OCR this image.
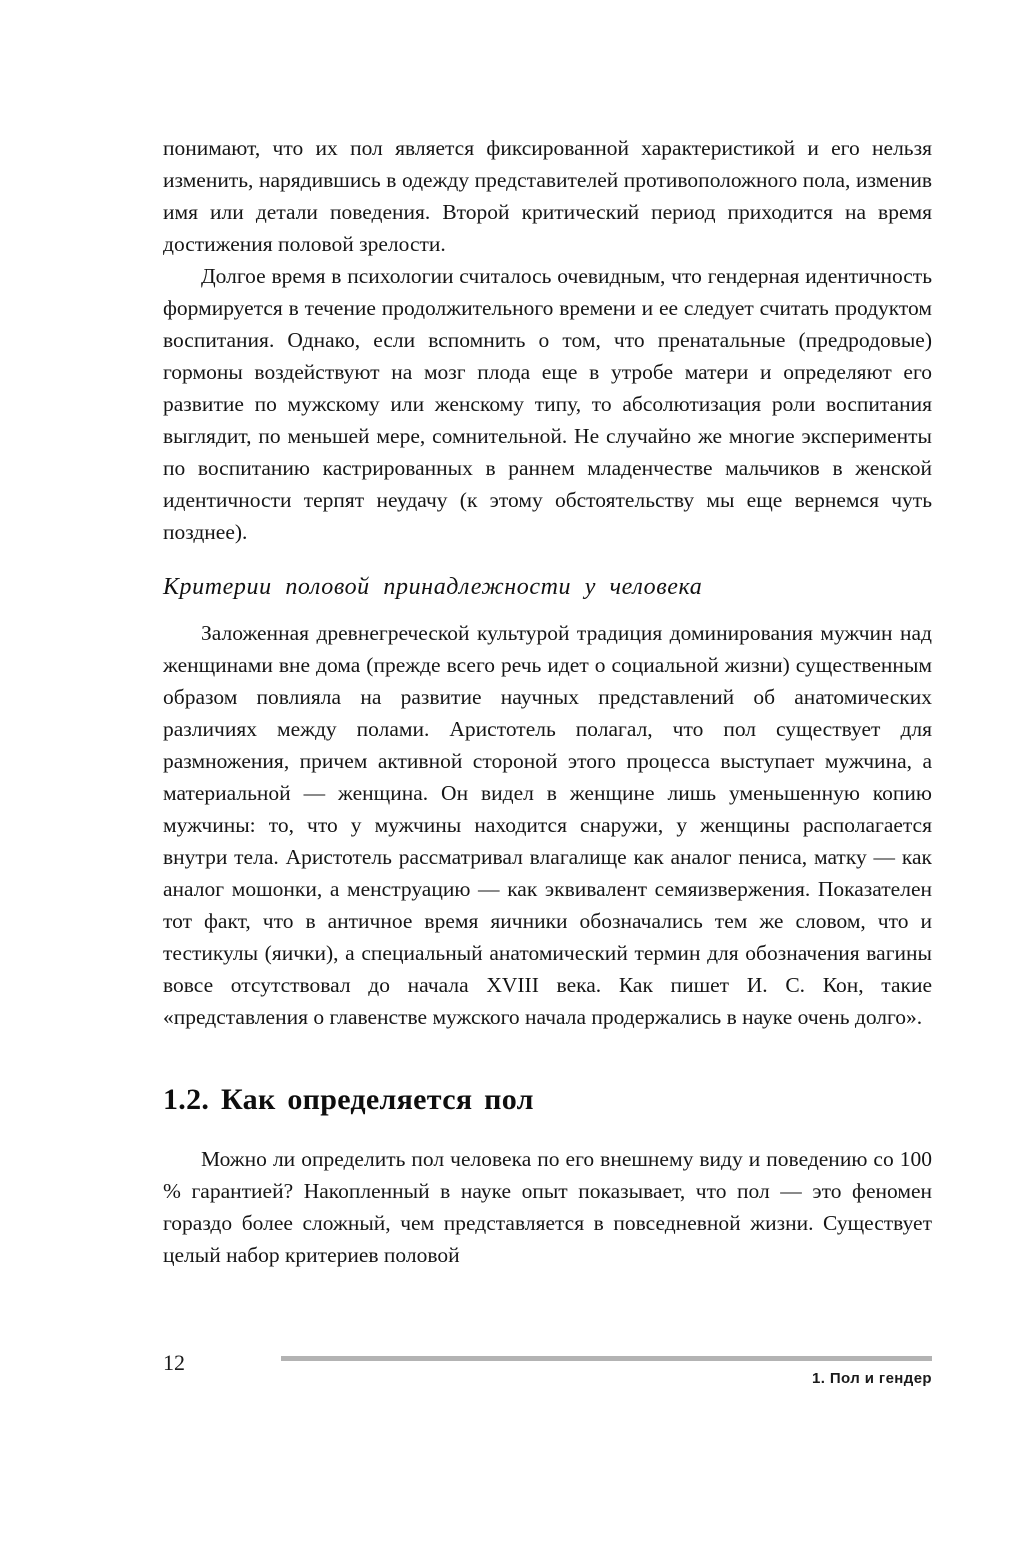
понимают, что их пол является фиксированной характеристикой и его нельзя изменить, нарядившись в одежду представителей противоположного пола, изменив имя или детали поведения. Второй критический период приходится на время достижения половой зрелости.

Долгое время в психологии считалось очевидным, что гендерная идентичность формируется в течение продолжительного времени и ее следует считать продуктом воспитания. Однако, если вспомнить о том, что пренатальные (предродовые) гормоны воздействуют на мозг плода еще в утробе матери и определяют его развитие по мужскому или женскому типу, то абсолютизация роли воспитания выглядит, по меньшей мере, сомнительной. Не случайно же многие эксперименты по воспитанию кастрированных в раннем младенчестве мальчиков в женской идентичности терпят неудачу (к этому обстоятельству мы еще вернемся чуть позднее).

Критерии половой принадлежности у человека

Заложенная древнегреческой культурой традиция доминирования мужчин над женщинами вне дома (прежде всего речь идет о социальной жизни) существенным образом повлияла на развитие научных представлений об анатомических различиях между полами. Аристотель полагал, что пол существует для размножения, причем активной стороной этого процесса выступает мужчина, а материальной — женщина. Он видел в женщине лишь уменьшенную копию мужчины: то, что у мужчины находится снаружи, у женщины располагается внутри тела. Аристотель рассматривал влагалище как аналог пениса, матку — как аналог мошонки, а менструацию — как эквивалент семяизвержения. Показателен тот факт, что в античное время яичники обозначались тем же словом, что и тестикулы (яички), а специальный анатомический термин для обозначения вагины вовсе отсутствовал до начала XVIII века. Как пишет И. С. Кон, такие «представления о главенстве мужского начала продержались в науке очень долго».

1.2. Как определяется пол

Можно ли определить пол человека по его внешнему виду и поведению со 100 % гарантией? Накопленный в науке опыт показывает, что пол — это феномен гораздо более сложный, чем представляется в повседневной жизни. Существует целый набор критериев половой

12
1. Пол и гендер
